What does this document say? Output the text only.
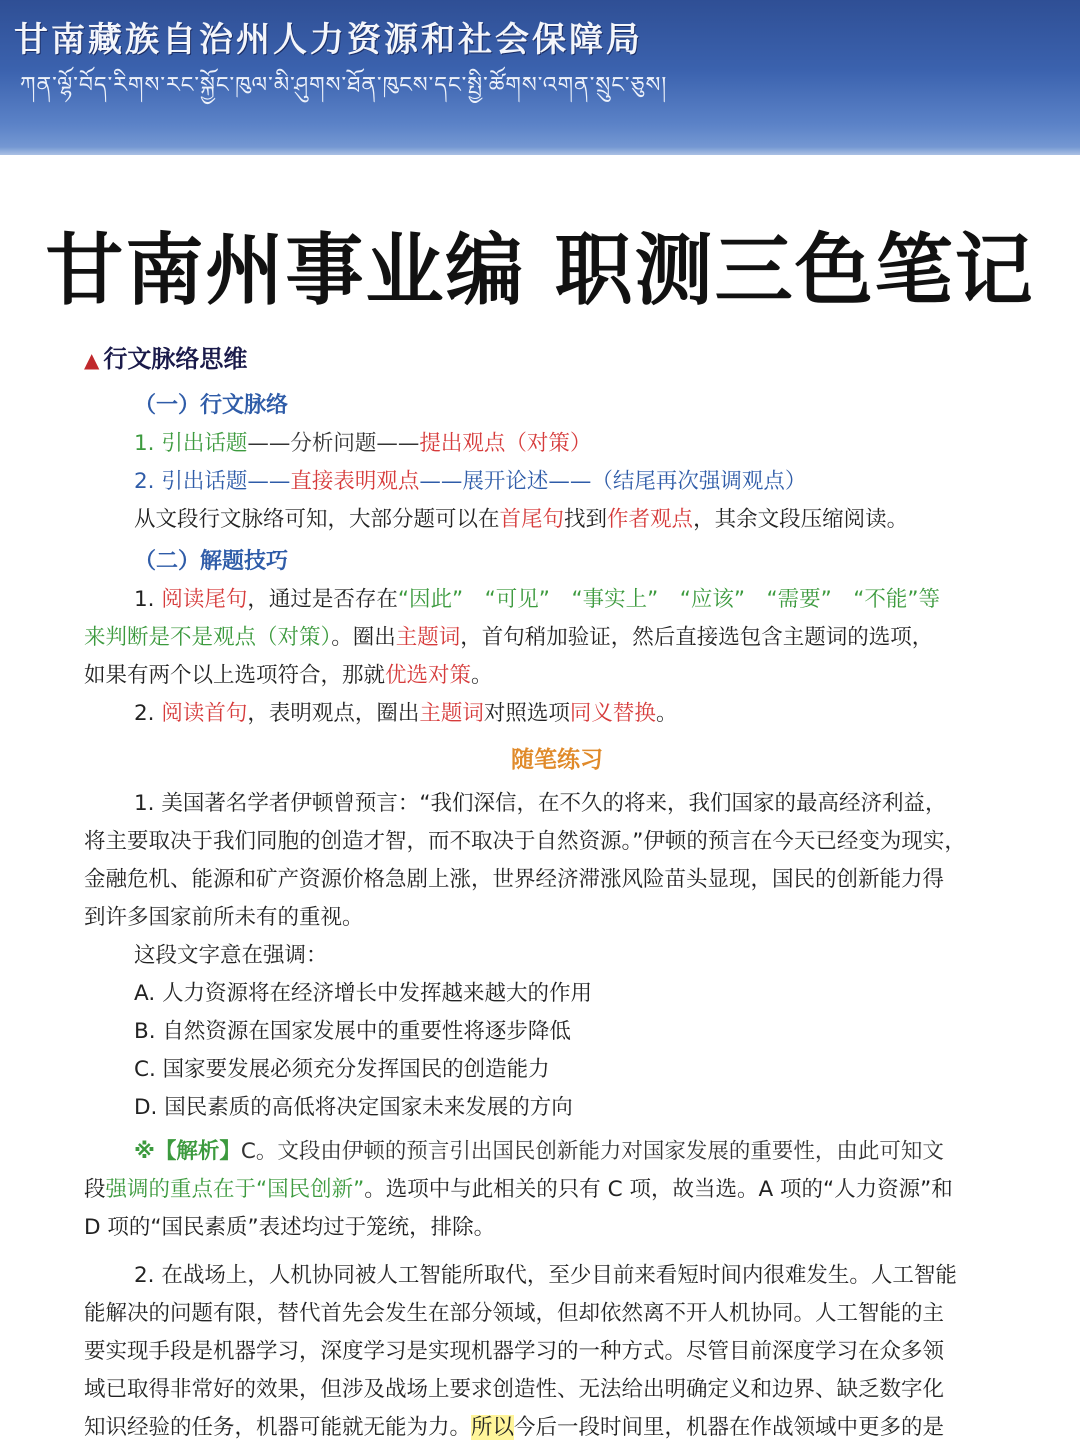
甘南藏族自治州人力资源和社会保障局
ཀན་ལྷོ་བོད་རིགས་རང་སྐྱོང་ཁུལ་མི་ཤུགས་ཐོན་ཁུངས་དང་སྤྱི་ཚོགས་འགན་སྲུང་ཅུས།
甘南州事业编 职测三色笔记
▲ 行文脉络思维
（一）行文脉络
1. 引出话题——分析问题——提出观点（对策）
2. 引出话题——直接表明观点——展开论述——（结尾再次强调观点）
从文段行文脉络可知，大部分题可以在首尾句找到作者观点，其余文段压缩阅读。
（二）解题技巧
1. 阅读尾句，通过是否存在“因此”　“可见”　“事实上”　“应该”　“需要”　“不能”等
来判断是不是观点（对策）。圈出主题词，首句稍加验证，然后直接选包含主题词的选项，
如果有两个以上选项符合，那就优选对策。
2. 阅读首句，表明观点，圈出主题词对照选项同义替换。
随笔练习
1. 美国著名学者伊顿曾预言：“我们深信，在不久的将来，我们国家的最高经济利益，
将主要取决于我们同胞的创造才智，而不取决于自然资源。”伊顿的预言在今天已经变为现实，
金融危机、能源和矿产资源价格急剧上涨，世界经济滞涨风险苗头显现，国民的创新能力得
到许多国家前所未有的重视。
这段文字意在强调：
A. 人力资源将在经济增长中发挥越来越大的作用
B. 自然资源在国家发展中的重要性将逐步降低
C. 国家要发展必须充分发挥国民的创造能力
D. 国民素质的高低将决定国家未来发展的方向
※【解析】C。文段由伊顿的预言引出国民创新能力对国家发展的重要性，由此可知文
段强调的重点在于“国民创新”。选项中与此相关的只有 C 项，故当选。A 项的“人力资源”和
D 项的“国民素质”表述均过于笼统，排除。
2. 在战场上，人机协同被人工智能所取代，至少目前来看短时间内很难发生。人工智能
能解决的问题有限，替代首先会发生在部分领域，但却依然离不开人机协同。人工智能的主
要实现手段是机器学习，深度学习是实现机器学习的一种方式。尽管目前深度学习在众多领
域已取得非常好的效果，但涉及战场上要求创造性、无法给出明确定义和边界、缺乏数字化
知识经验的任务，机器可能就无能为力。所以今后一段时间里，机器在作战领域中更多的是
